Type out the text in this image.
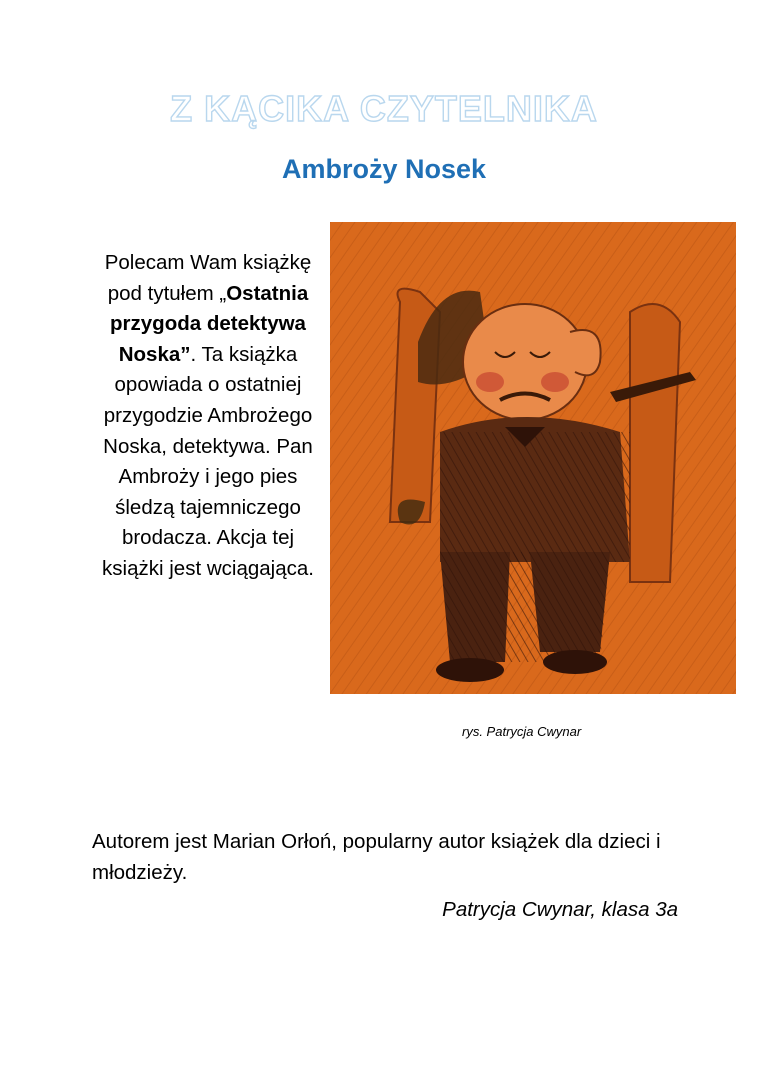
Z KĄCIKA CZYTELNIKA
Ambroży Nosek
Polecam Wam książkę pod tytułem „Ostatnia przygoda detektywa Noska”. Ta książka opowiada o ostatniej przygodzie Ambrożego Noska, detektywa. Pan Ambroży i jego pies śledzą tajemniczego brodacza. Akcja tej książki jest wciągająca.
rys. Patrycja Cwynar
Autorem jest Marian Orłoń, popularny autor książek dla dzieci i młodzieży.
Patrycja Cwynar, klasa 3a
